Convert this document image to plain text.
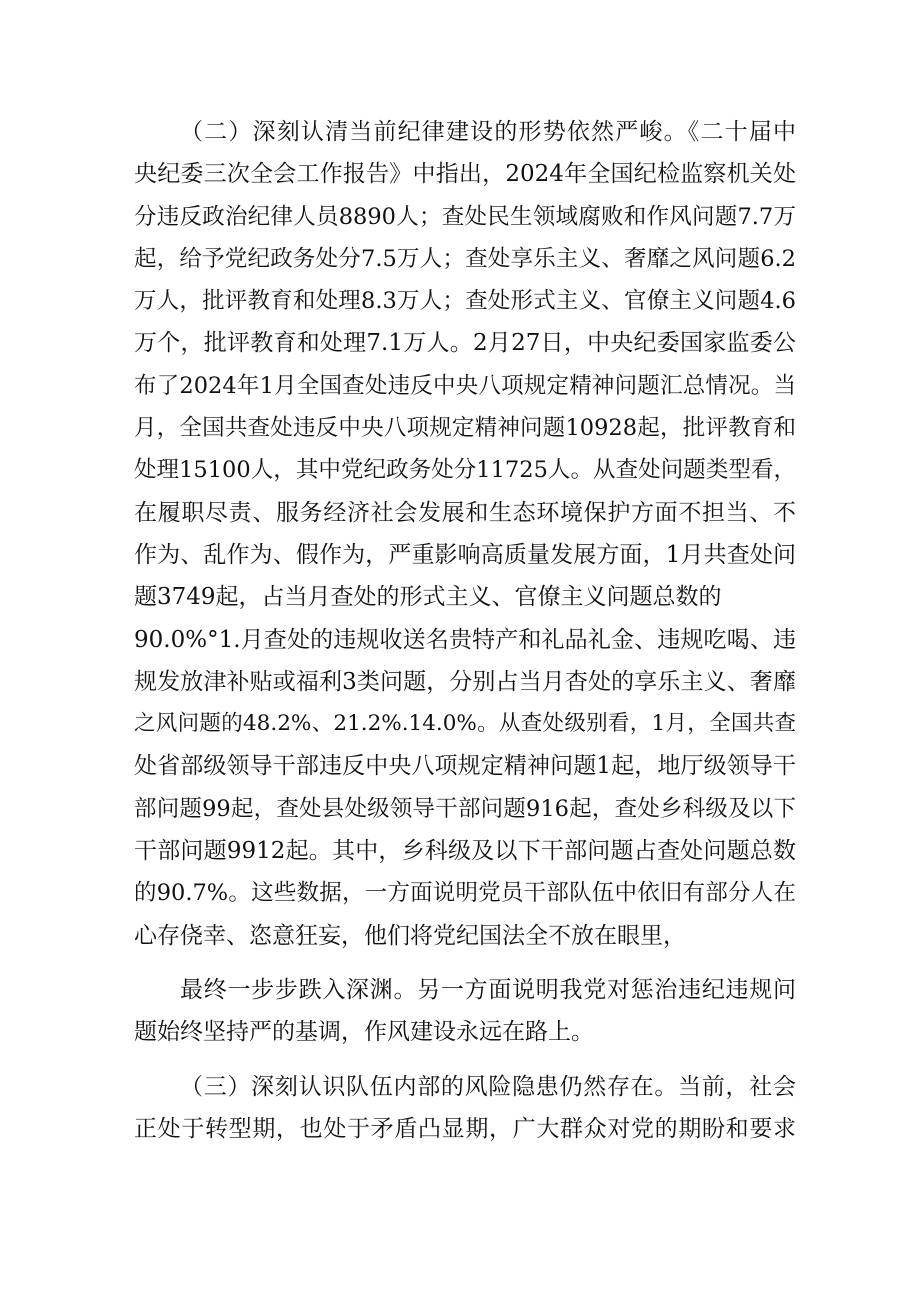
（二）深刻认清当前纪律建设的形势依然严峻。《二十届中
央纪委三次全会工作报告》中指出，2024年全国纪检监察机关处
分违反政治纪律人员8890人；查处民生领域腐败和作风问题7.7万
起，给予党纪政务处分7.5万人；查处享乐主义、奢靡之风问题6.2
万人，批评教育和处理8.3万人；查处形式主义、官僚主义问题4.6
万个，批评教育和处理7.1万人。2月27日，中央纪委国家监委公
布了2024年1月全国查处违反中央八项规定精神问题汇总情况。当
月，全国共查处违反中央八项规定精神问题10928起，批评教育和
处理15100人，其中党纪政务处分11725人。从查处问题类型看，
在履职尽责、服务经济社会发展和生态环境保护方面不担当、不
作为、乱作为、假作为，严重影响高质量发展方面，1月共查处问
题3749起，占当月查处的形式主义、官僚主义问题总数的
90.0%°1.月查处的违规收送名贵特产和礼品礼金、违规吃喝、违
规发放津补贴或福利3类问题，分别占当月杳处的享乐主义、奢靡
之风问题的48.2%、21.2%.14.0%。从查处级别看，1月，全国共查
处省部级领导干部违反中央八项规定精神问题1起，地厅级领导干
部问题99起，查处县处级领导干部问题916起，查处乡科级及以下
干部问题9912起。其中，乡科级及以下干部问题占查处问题总数
的90.7%。这些数据，一方面说明党员干部队伍中依旧有部分人在
心存侥幸、恣意狂妄，他们将党纪国法全不放在眼里，
最终一步步跌入深渊。另一方面说明我党对惩治违纪违规问
题始终坚持严的基调，作风建设永远在路上。
（三）深刻认识队伍内部的风险隐患仍然存在。当前，社会
正处于转型期，也处于矛盾凸显期，广大群众对党的期盼和要求
